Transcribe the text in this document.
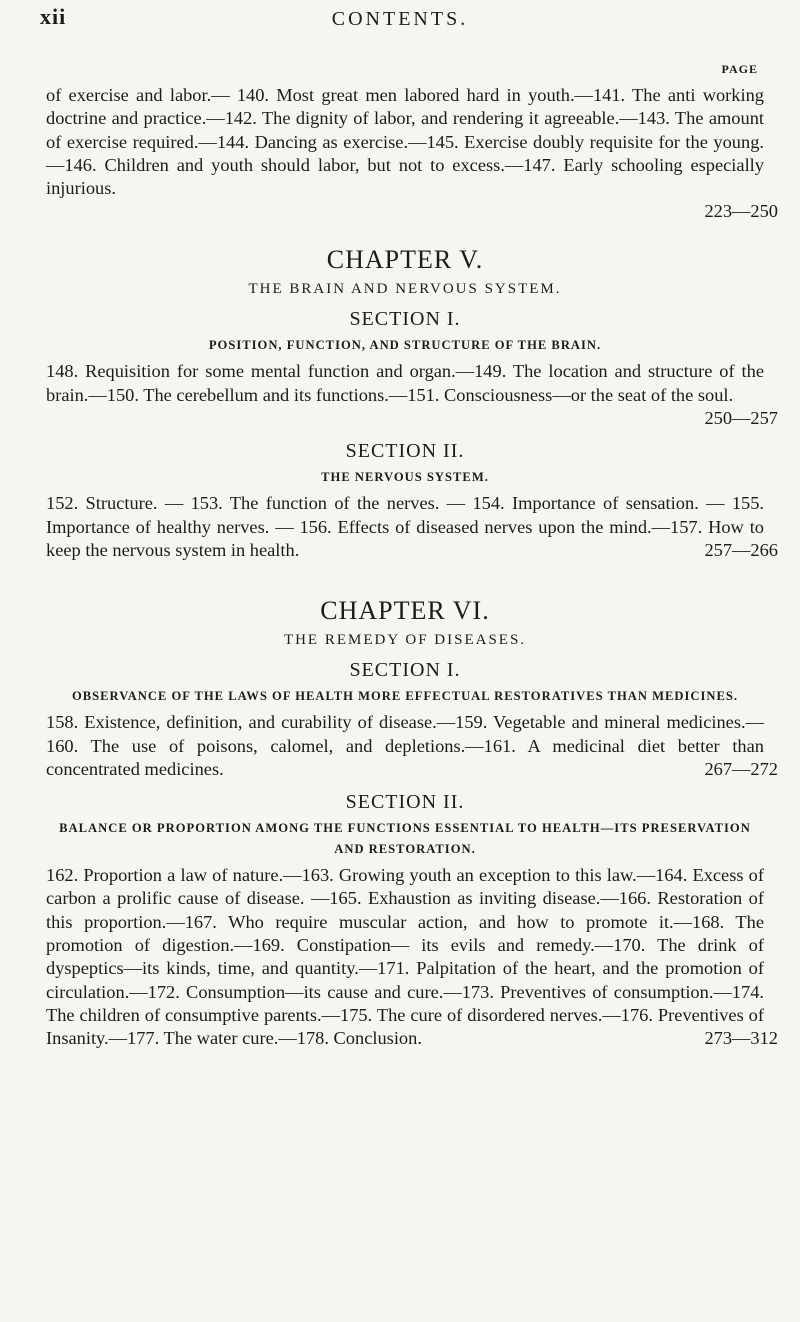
xii	CONTENTS.
PAGE

of exercise and labor.— 140. Most great men labored hard in youth.—141. The anti working doctrine and practice.—142. The dignity of labor, and rendering it agreeable.—143. The amount of exercise required.—144. Dancing as exercise.—145. Exercise doubly requisite for the young.—146. Children and youth should labor, but not to excess.—147. Early schooling especially injurious.

223—250
CHAPTER V.
THE BRAIN AND NERVOUS SYSTEM.
SECTION I.
POSITION, FUNCTION, AND STRUCTURE OF THE BRAIN.

148. Requisition for some mental function and organ.—149. The location and structure of the brain.—150. The cerebellum and its functions.—151. Consciousness—or the seat of the soul.
250—257

SECTION II.
THE NERVOUS SYSTEM.

152. Structure. — 153. The function of the nerves. — 154. Importance of sensation. — 155. Importance of healthy nerves. — 156. Effects of diseased nerves upon the mind.—157. How to keep the nervous system in health.	257—266

CHAPTER VI.
THE REMEDY OF DISEASES.
SECTION I.
OBSERVANCE OF THE LAWS OF HEALTH MORE EFFECTUAL RESTORATIVES THAN MEDICINES.

158. Existence, definition, and curability of disease.—159. Vegetable and mineral medicines.—160. The use of poisons, calomel, and depletions.—161. A medicinal diet better than concentrated medicines.	267—272

SECTION II.
BALANCE OR PROPORTION AMONG THE FUNCTIONS ESSENTIAL TO HEALTH—ITS PRESERVATION AND RESTORATION.

162. Proportion a law of nature.—163. Growing youth an exception to this law.—164. Excess of carbon a prolific cause of disease. —165. Exhaustion as inviting disease.—166. Restoration of this proportion.—167. Who require muscular action, and how to promote it.—168. The promotion of digestion.—169. Constipation— its evils and remedy.—170. The drink of dyspeptics—its kinds, time, and quantity.—171. Palpitation of the heart, and the promotion of circulation.—172. Consumption—its cause and cure.—173. Preventives of consumption.—174. The children of consumptive parents.—175. The cure of disordered nerves.—176. Preventives of Insanity.—177. The water cure.—178. Conclusion.	273—312
